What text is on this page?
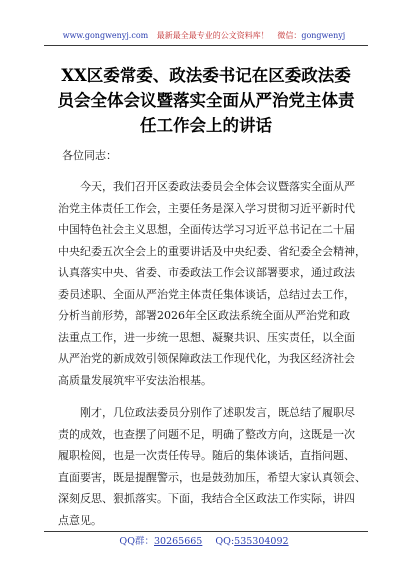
www.gongwenyj.com 最新最全最专业的公文资料库！ 微信：gongwenyj
XX区委常委、政法委书记在区委政法委
员会全体会议暨落实全面从严治党主体责
任工作会上的讲话
各位同志：
今天，我们召开区委政法委员会全体会议暨落实全面从严
治党主体责任工作会，主要任务是深入学习贯彻习近平新时代
中国特色社会主义思想，全面传达学习习近平总书记在二十届
中央纪委五次全会上的重要讲话及中央纪委、省纪委全会精神，
认真落实中央、省委、市委政法工作会议部署要求，通过政法
委员述职、全面从严治党主体责任集体谈话，总结过去工作，
分析当前形势，部署2026年全区政法系统全面从严治党和政
法重点工作，进一步统一思想、凝聚共识、压实责任，以全面
从严治党的新成效引领保障政法工作现代化，为我区经济社会
高质量发展筑牢平安法治根基。
刚才，几位政法委员分别作了述职发言，既总结了履职尽
责的成效，也查摆了问题不足，明确了整改方向，这既是一次
履职检阅，也是一次责任传导。随后的集体谈话，直指问题、
直面要害，既是提醒警示，也是鼓劲加压，希望大家认真领会、
深刻反思、狠抓落实。下面，我结合全区政法工作实际，讲四
点意见。
QQ群：30265665 QQ:535304092
